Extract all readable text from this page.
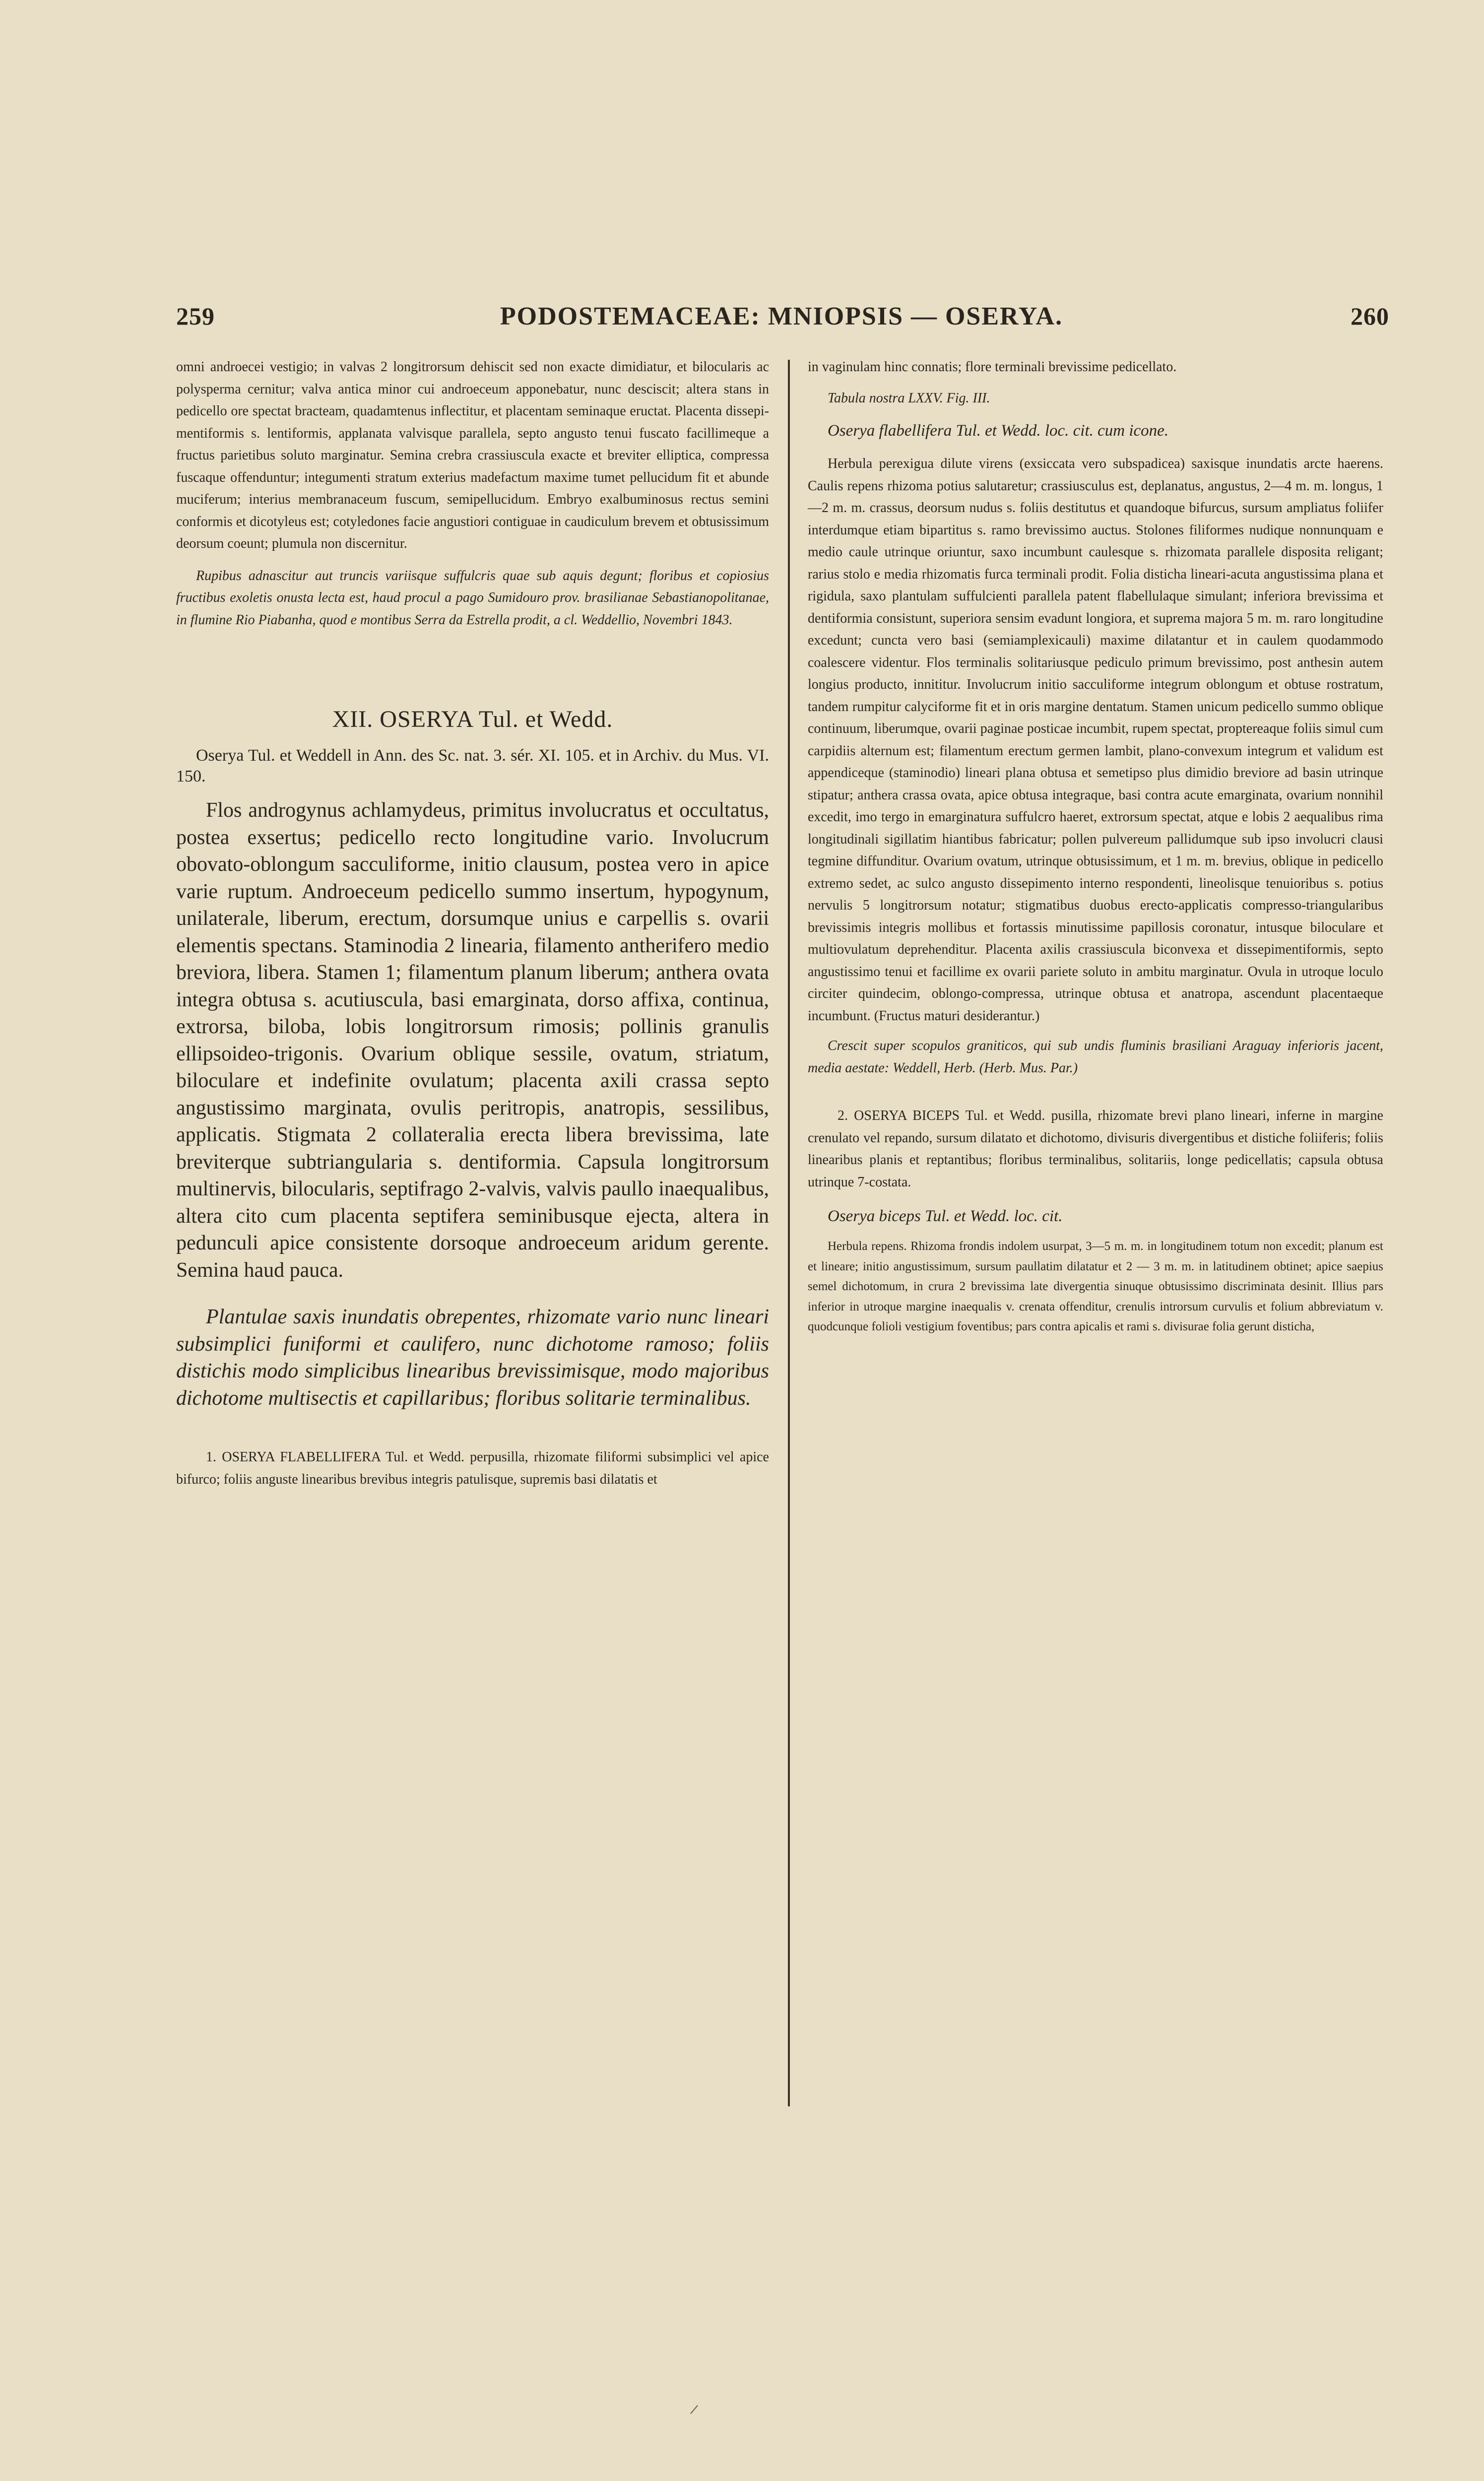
259	PODOSTEMACEAE: MNIOPSIS — OSERYA.	260

omni androecei vestigio; in valvas 2 longitrorsum dehiscit sed non exacte dimidiatur, et bilocularis ac polysperma cernitur; valva antica minor cui androeceum apponebatur, nunc desciscit; altera stans in pedicello ore spectat bracteam, quadamtenus inflectitur, et placentam seminaque eructat. Placenta dissepimentiformis s. lentiformis, applanata valvisque parallela, septo angusto tenui fuscato facillimeque a fructus parietibus soluto marginatur. Semina crebra crassiuscula exacte et breviter elliptica, compressa fuscaque offenduntur; integumenti stratum exterius madefactum maxime tumet pellucidum fit et abunde muciferum; interius membranaceum fuscum, semipellucidum. Embryo exalbuminosus rectus semini conformis et dicotyleus est; cotyledones facie angustiori contiguae in caudiculum brevem et obtusissimum deorsum coeunt; plumula non discernitur.

Rupibus adnascitur aut truncis variisque suffulcris quae sub aquis degunt; floribus et copiosius fructibus exoletis onusta lecta est, haud procul a pago Sumidouro prov. brasilianae Sebastianopolitanae, in flumine Rio Piabanha, quod e montibus Serra da Estrella prodit, a cl. Weddellio, Novembri 1843.

XII. OSERYA Tul. et Wedd.

Oserya Tul. et Weddell in Ann. des Sc. nat. 3. sér. XI. 105. et in Archiv. du Mus. VI. 150.

Flos androgynus achlamydeus, primitus involucratus et occultatus, postea exsertus; pedicello recto longitudine vario. Involucrum obovato-oblongum sacculiforme, initio clausum, postea vero in apice varie ruptum. Androeceum pedicello summo insertum, hypogynum, unilaterale, liberum, erectum, dorsumque unius e carpellis s. ovarii elementis spectans. Staminodia 2 linearia, filamento antherifero medio breviora, libera. Stamen 1; filamentum planum liberum; anthera ovata integra obtusa s. acutiuscula, basi emarginata, dorso affixa, continua, extrorsa, biloba, lobis longitrorsum rimosis; pollinis granulis ellipsoideo-trigonis. Ovarium oblique sessile, ovatum, striatum, biloculare et indefinite ovulatum; placenta axili crassa septo angustissimo marginata, ovulis peritropis, anatropis, sessilibus, applicatis. Stigmata 2 collateralia erecta libera brevissima, late breviterque subtriangularia s. dentiformia. Capsula longitrorsum multinervis, bilocularis, septifrago 2-valvis, valvis paullo inaequalibus, altera cito cum placenta septifera seminibusque ejecta, altera in pedunculi apice consistente dorsoque androeceum aridum gerente. Semina haud pauca.

Plantulae saxis inundatis obrepentes, rhizomate vario nunc lineari subsimplici funiformi et caulifero, nunc dichotome ramoso; foliis distichis modo simplicibus linearibus brevissimisque, modo majoribus dichotome multisectis et capillaribus; floribus solitarie terminalibus.

1. OSERYA FLABELLIFERA Tul. et Wedd. perpusilla, rhizomate filiformi subsimplici vel apice bifurco; foliis anguste linearibus brevibus integris patulisque, supremis basi dilatatis et

in vaginulam hinc connatis; flore terminali brevissime pedicellato.

Tabula nostra LXXV. Fig. III.

Oserya flabellifera Tul. et Wedd. loc. cit. cum icone.

Herbula perexigua dilute virens (exsiccata vero subspadicea) saxisque inundatis arcte haerens. Caulis repens rhizoma potius salutaretur; crassiusculus est, deplanatus, angustus, 2—4 m. m. longus, 1—2 m. m. crassus, deorsum nudus s. foliis destitutus et quandoque bifurcus, sursum ampliatus foliifer interdumque etiam bipartitus s. ramo brevissimo auctus. Stolones filiformes nudique nonnunquam e medio caule utrinque oriuntur, saxo incumbunt caulesque s. rhizomata parallele disposita religant; rarius stolo e media rhizomatis furca terminali prodit. Folia disticha lineari-acuta angustissima plana et rigidula, saxo plantulam suffulcienti parallela patent flabellulaque simulant; inferiora brevissima et dentiformia consistunt, superiora sensim evadunt longiora, et suprema majora 5 m. m. raro longitudine excedunt; cuncta vero basi (semiamplexicauli) maxime dilatantur et in caulem quodammodo coalescere videntur. Flos terminalis solitariusque pediculo primum brevissimo, post anthesin autem longius producto, innititur. Involucrum initio sacculiforme integrum oblongum et obtuse rostratum, tandem rumpitur calyciforme fit et in oris margine dentatum. Stamen unicum pedicello summo oblique continuum, liberumque, ovarii paginae posticae incumbit, rupem spectat, proptereaque foliis simul cum carpidiis alternum est; filamentum erectum germen lambit, plano-convexum integrum et validum est appendiceque (staminodio) lineari plana obtusa et semetipso plus dimidio breviore ad basin utrinque stipatur; anthera crassa ovata, apice obtusa integraque, basi contra acute emarginata, ovarium nonnihil excedit, imo tergo in emarginatura suffulcro haeret, extrorsum spectat, atque e lobis 2 aequalibus rima longitudinali sigillatim hiantibus fabricatur; pollen pulvereum pallidumque sub ipso involucri clausi tegmine diffunditur. Ovarium ovatum, utrinque obtusissimum, et 1 m. m. brevius, oblique in pedicello extremo sedet, ac sulco angusto dissepimento interno respondenti, lineolisque tenuioribus s. potius nervulis 5 longitrorsum notatur; stigmatibus duobus erecto-applicatis compresso-triangularibus brevissimis integris mollibus et fortassis minutissime papillosis coronatur, intusque biloculare et multiovulatum deprehenditur. Placenta axilis crassiuscula biconvexa et dissepimentiformis, septo angustissimo tenui et facillime ex ovarii pariete soluto in ambitu marginatur. Ovula in utroque loculo circiter quindecim, oblongo-compressa, utrinque obtusa et anatropa, ascendunt placentaeque incumbunt. (Fructus maturi desiderantur.)

Crescit super scopulos graniticos, qui sub undis fluminis brasiliani Araguay inferioris jacent, media aestate: Weddell, Herb. (Herb. Mus. Par.)

2. OSERYA BICEPS Tul. et Wedd. pusilla, rhizomate brevi plano lineari, inferne in margine crenulato vel repando, sursum dilatato et dichotomo, divisuris divergentibus et distiche foliiferis; foliis linearibus planis et reptantibus; floribus terminalibus, solitariis, longe pedicellatis; capsula obtusa utrinque 7-costata.

Oserya biceps Tul. et Wedd. loc. cit.

Herbula repens. Rhizoma frondis indolem usurpat, 3—5 m. m. in longitudinem totum non excedit; planum est et lineare; initio angustissimum, sursum paullatim dilatatur et 2 — 3 m. m. in latitudinem obtinet; apice saepius semel dichotomum, in crura 2 brevissima late divergentia sinuque obtusissimo discriminata desinit. Illius pars inferior in utroque margine inaequalis v. crenata offenditur, crenulis introrsum curvulis et folium abbreviatum v. quodcunque folioli vestigium foventibus; pars contra apicalis et rami s. divisurae folia gerunt disticha,
